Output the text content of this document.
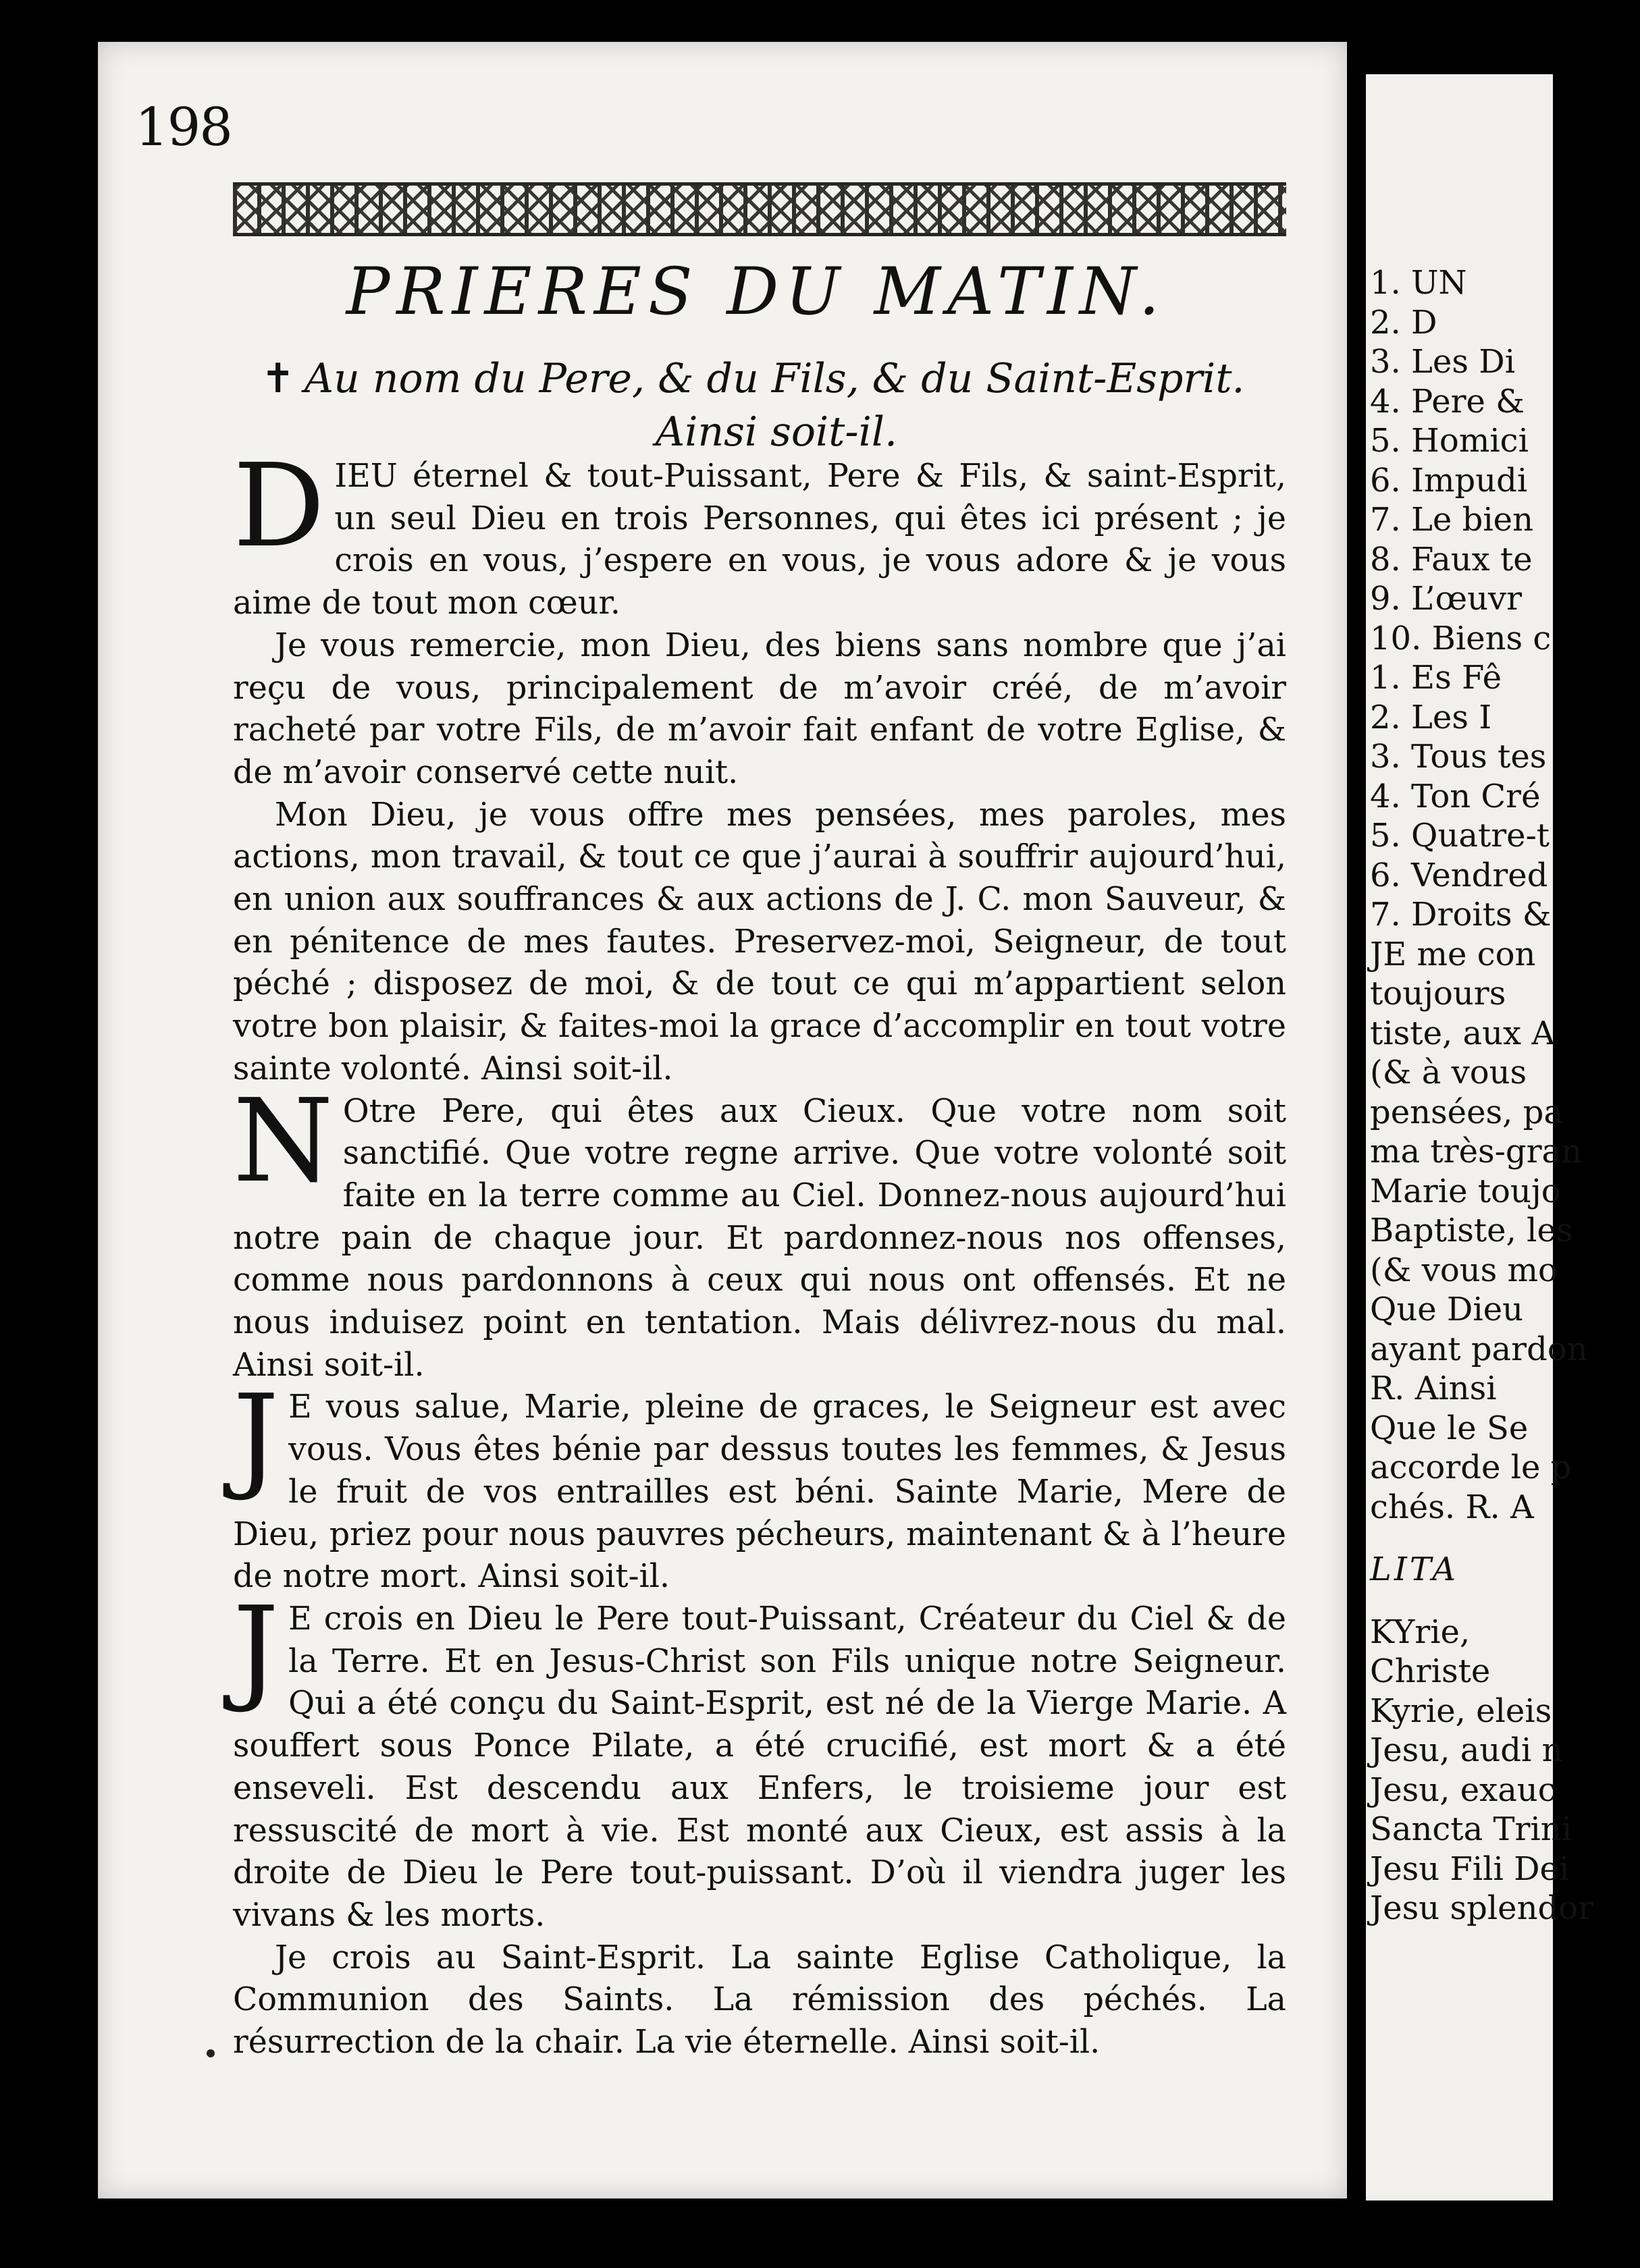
1. UN
2. D
3. Les Di
4. Pere &
5. Homici
6. Impudi
7. Le bien
8. Faux te
9. L’œuvr
10. Biens c
1. Es Fê
2. Les I
3. Tous tes
4. Ton Cré
5. Quatre-t
6. Vendred
7. Droits &
JE me con
toujours
tiste, aux A
(& à vous
pensées, pa
ma très-gran
Marie toujo
Baptiste, les
(& vous mo
Que Dieu
ayant pardon
R. Ainsi
Que le Se
accorde le p
chés. R. A
LITA
KYrie,
Christe
Kyrie, eleis
Jesu, audi n
Jesu, exauc
Sancta Trini
Jesu Fili Dei
Jesu splendor
198
PRIERES DU MATIN.

✝ Au nom du Pere, & du Fils, & du Saint-Esprit.

Ainsi soit-il.

DIEU éternel & tout-Puissant, Pere & Fils, & saint-Esprit, un seul Dieu en trois Personnes, qui êtes ici présent ; je crois en vous, j’espere en vous, je vous adore & je vous aime de tout mon cœur.

Je vous remercie, mon Dieu, des biens sans nombre que j’ai reçu de vous, principalement de m’avoir créé, de m’avoir racheté par votre Fils, de m’avoir fait enfant de votre Eglise, & de m’avoir conservé cette nuit.

Mon Dieu, je vous offre mes pensées, mes paroles, mes actions, mon travail, & tout ce que j’aurai à souffrir aujourd’hui, en union aux souffrances & aux actions de J. C. mon Sauveur, & en pénitence de mes fautes. Preservez-moi, Seigneur, de tout péché ; disposez de moi, & de tout ce qui m’appartient selon votre bon plaisir, & faites-moi la grace d’accomplir en tout votre sainte volonté. Ainsi soit-il.

NOtre Pere, qui êtes aux Cieux. Que votre nom soit sanctifié. Que votre regne arrive. Que votre volonté soit faite en la terre comme au Ciel. Donnez-nous aujourd’hui notre pain de chaque jour. Et pardonnez-nous nos offenses, comme nous pardonnons à ceux qui nous ont offensés. Et ne nous induisez point en tentation. Mais délivrez-nous du mal. Ainsi soit-il.

JE vous salue, Marie, pleine de graces, le Seigneur est avec vous. Vous êtes bénie par dessus toutes les femmes, & Jesus le fruit de vos entrailles est béni. Sainte Marie, Mere de Dieu, priez pour nous pauvres pécheurs, maintenant & à l’heure de notre mort. Ainsi soit-il.

JE crois en Dieu le Pere tout-Puissant, Créateur du Ciel & de la Terre. Et en Jesus-Christ son Fils unique notre Seigneur. Qui a été conçu du Saint-Esprit, est né de la Vierge Marie. A souffert sous Ponce Pilate, a été crucifié, est mort & a été enseveli. Est descendu aux Enfers, le troisieme jour est ressuscité de mort à vie. Est monté aux Cieux, est assis à la droite de Dieu le Pere tout-puissant. D’où il viendra juger les vivans & les morts.

Je crois au Saint-Esprit. La sainte Eglise Catholique, la Communion des Saints. La rémission des péchés. La résurrection de la chair. La vie éternelle. Ainsi soit-il.
